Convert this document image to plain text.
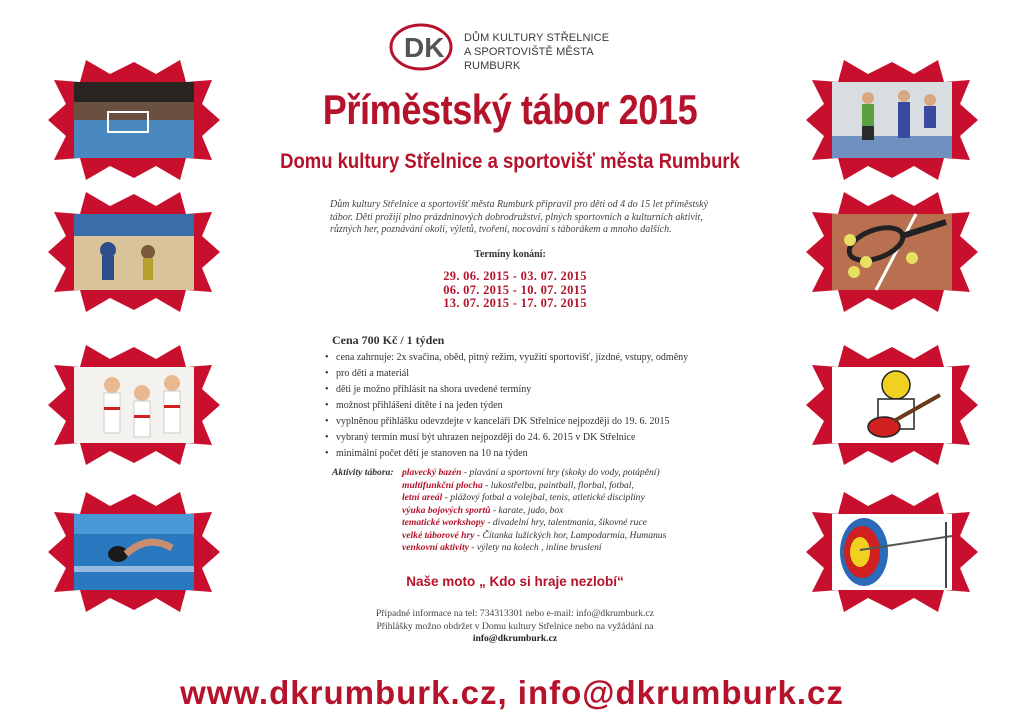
DK DŮM KULTURY STŘELNICE
A SPORTOVIŠTĚ MĚSTA RUMBURK
Příměstský tábor 2015
Domu kultury Střelnice a sportovišť města Rumburk
Dům kultury Střelnice a sportovišť města Rumburk připravil pro děti od 4 do 15 let příměstský tábor. Děti prožijí plno prázdninových dobrodružství, plných sportovních a kulturních aktivit, různých her, poznávání okolí, výletů, tvoření, nocování s táborákem a mnoho dalších.
Termíny konání:
29. 06. 2015 - 03. 07. 2015
06. 07. 2015 - 10. 07. 2015
13. 07. 2015 - 17. 07. 2015
Cena 700 Kč / 1 týden
• cena zahrnuje: 2x svačina, oběd, pitný režim, využití sportovišť, jízdné, vstupy, odměny
• pro děti a materiál
• děti je možno přihlásit na shora uvedené termíny
• možnost přihlášení dítěte i na jeden týden
• vyplněnou přihlášku odevzdejte v kanceláři DK Střelnice nejpozději do 19. 6. 2015
• vybraný termín musí být uhrazen nejpozději do 24. 6. 2015 v DK Střelnice
• minimální počet dětí je stanoven na 10 na týden
Aktivity tábora: plavecký bazén - plavání a sportovní hry (skoky do vody, potápění)
multifunkční plocha - lukostřelba, paintball, florbal, fotbal,
letní areál - plážový fotbal a volejbal, tenis, atletické disciplíny
výuka bojových sportů - karate, judo, box
tematické workshopy - divadelní hry, talentmania, šikovné ruce
velké táborové hry - Čítanka lužických hor, Lampodarmia, Humanus
venkovní aktivity - výlety na kolech , inline bruslení
Naše moto „ Kdo si hraje nezlobí“
Případné informace na tel: 734313301 nebo e-mail: info@dkrumburk.cz
Přihlášky možno obdržet v Domu kultury Střelnice nebo na vyžádání na
info@dkrumburk.cz
www.dkrumburk.cz, info@dkrumburk.cz
